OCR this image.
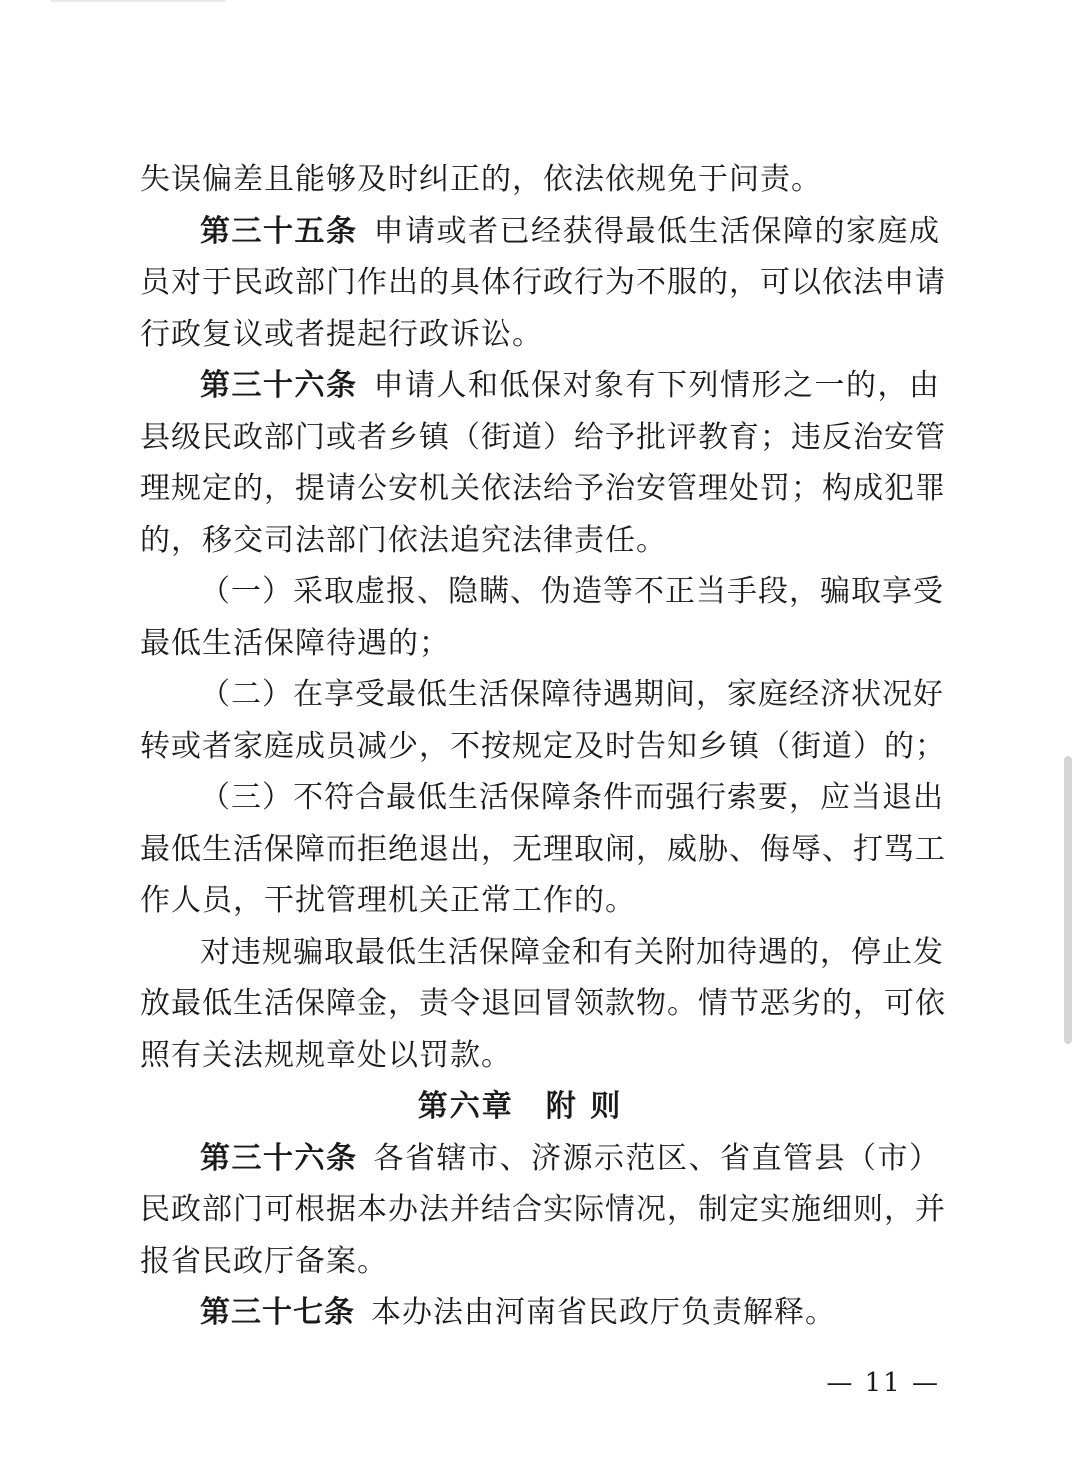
失误偏差且能够及时纠正的，依法依规免于问责。
第三十五条 申请或者已经获得最低生活保障的家庭成
员对于民政部门作出的具体行政行为不服的，可以依法申请
行政复议或者提起行政诉讼。
第三十六条 申请人和低保对象有下列情形之一的，由
县级民政部门或者乡镇（街道）给予批评教育；违反治安管
理规定的，提请公安机关依法给予治安管理处罚；构成犯罪
的，移交司法部门依法追究法律责任。
（一）采取虚报、隐瞒、伪造等不正当手段，骗取享受
最低生活保障待遇的；
（二）在享受最低生活保障待遇期间，家庭经济状况好
转或者家庭成员减少，不按规定及时告知乡镇（街道）的；
（三）不符合最低生活保障条件而强行索要，应当退出
最低生活保障而拒绝退出，无理取闹，威胁、侮辱、打骂工
作人员，干扰管理机关正常工作的。
对违规骗取最低生活保障金和有关附加待遇的，停止发
放最低生活保障金，责令退回冒领款物。情节恶劣的，可依
照有关法规规章处以罚款。
第六章　附 则
第三十六条 各省辖市、济源示范区、省直管县（市）
民政部门可根据本办法并结合实际情况，制定实施细则，并
报省民政厅备案。
第三十七条 本办法由河南省民政厅负责解释。
— 11 —
